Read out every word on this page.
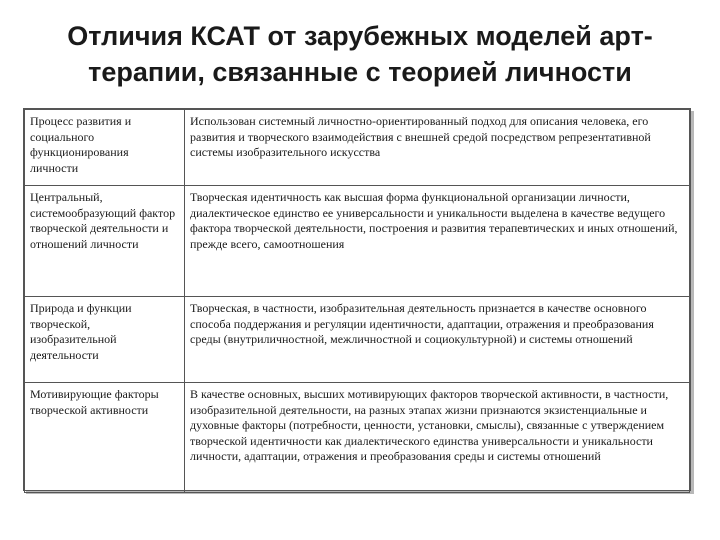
Отличия КСАТ от зарубежных моделей арт-терапии, связанные с теорией личности
Процесс развития и социального функционирования личности	Использован системный личностно-ориентированный подход для описания человека, его развития и творческого взаимодействия с внешней средой посредством репрезентативной системы изобразительного искусства
Центральный, системообразующий фактор творческой деятельности и отношений личности	Творческая идентичность как высшая форма функциональной организации личности, диалектическое единство ее универсальности и уникальности выделена в качестве ведущего фактора творческой деятельности, построения и развития терапевтических и иных отношений, прежде всего, самоотношения
Природа и функции творческой, изобразительной деятельности	Творческая, в частности, изобразительная деятельность признается в качестве основного способа поддержания и регуляции идентичности, адаптации, отражения и преобразования среды (внутриличностной, межличностной и социокультурной) и системы отношений
Мотивирующие факторы творческой активности	В качестве основных, высших мотивирующих факторов творческой активности, в частности, изобразительной деятельности, на разных этапах жизни признаются экзистенциальные и духовные факторы (потребности, ценности, установки, смыслы), связанные с утверждением творческой идентичности как диалектического единства универсальности и уникальности личности, адаптации, отражения и преобразования среды и системы отношений
